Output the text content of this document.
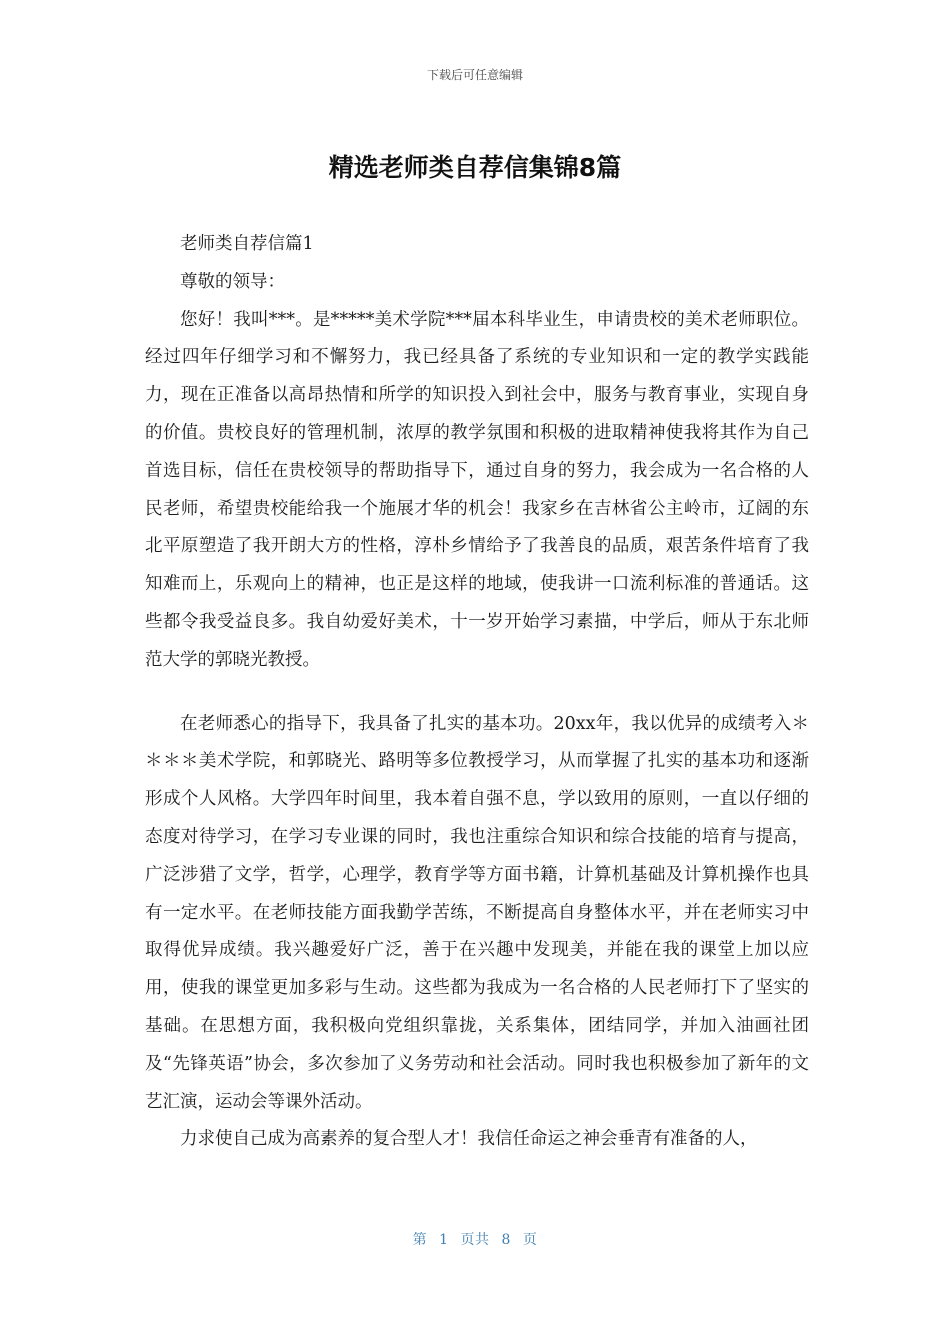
下载后可任意编辑
精选老师类自荐信集锦8篇

老师类自荐信篇1

尊敬的领导：

您好！我叫***。是*****美术学院***届本科毕业生，申请贵校的美术老师职位。经过四年仔细学习和不懈努力，我已经具备了系统的专业知识和一定的教学实践能力，现在正准备以高昂热情和所学的知识投入到社会中，服务与教育事业，实现自身的价值。贵校良好的管理机制，浓厚的教学氛围和积极的进取精神使我将其作为自己首选目标，信任在贵校领导的帮助指导下，通过自身的努力，我会成为一名合格的人民老师，希望贵校能给我一个施展才华的机会！我家乡在吉林省公主岭市，辽阔的东北平原塑造了我开朗大方的性格，淳朴乡情给予了我善良的品质，艰苦条件培育了我知难而上，乐观向上的精神，也正是这样的地域，使我讲一口流利标准的普通话。这些都令我受益良多。我自幼爱好美术，十一岁开始学习素描，中学后，师从于东北师范大学的郭晓光教授。

在老师悉心的指导下，我具备了扎实的基本功。20xx年，我以优异的成绩考入＊＊＊＊美术学院，和郭晓光、路明等多位教授学习，从而掌握了扎实的基本功和逐渐形成个人风格。大学四年时间里，我本着自强不息，学以致用的原则，一直以仔细的态度对待学习，在学习专业课的同时，我也注重综合知识和综合技能的培育与提高，广泛涉猎了文学，哲学，心理学，教育学等方面书籍，计算机基础及计算机操作也具有一定水平。在老师技能方面我勤学苦练，不断提高自身整体水平，并在老师实习中取得优异成绩。我兴趣爱好广泛，善于在兴趣中发现美，并能在我的课堂上加以应用，使我的课堂更加多彩与生动。这些都为我成为一名合格的人民老师打下了坚实的基础。在思想方面，我积极向党组织靠拢，关系集体，团结同学，并加入油画社团及“先锋英语”协会，多次参加了义务劳动和社会活动。同时我也积极参加了新年的文艺汇演，运动会等课外活动。

力求使自己成为高素养的复合型人才！我信任命运之神会垂青有准备的人，

第 1 页共 8 页
